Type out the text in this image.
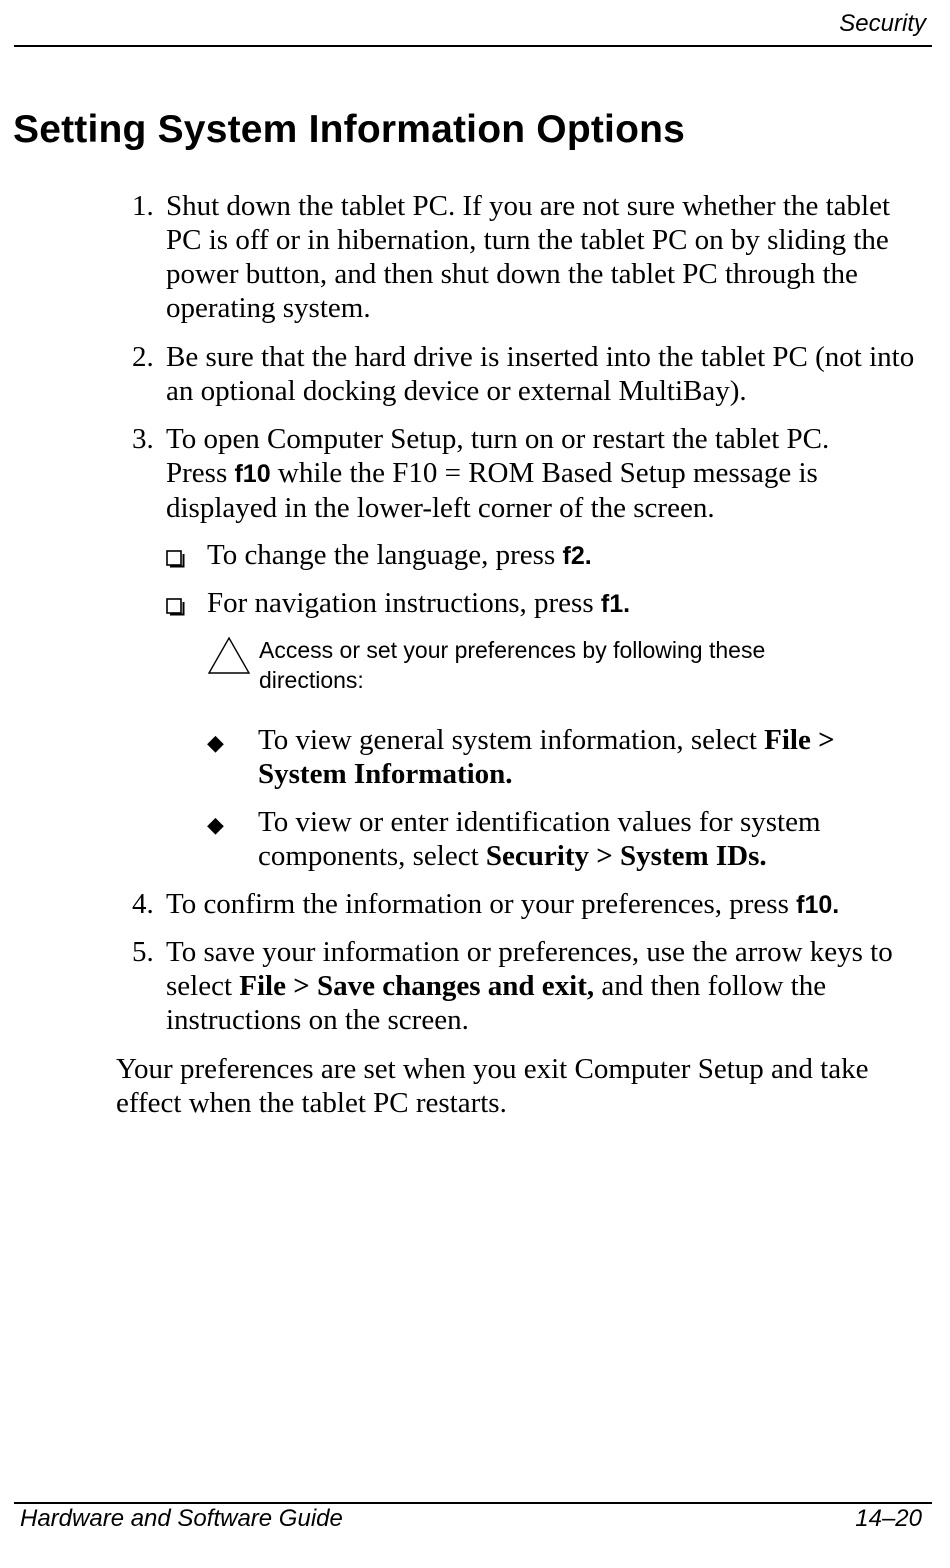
Security
Setting System Information Options
1. Shut down the tablet PC. If you are not sure whether the tablet PC is off or in hibernation, turn the tablet PC on by sliding the power button, and then shut down the tablet PC through the operating system.
2. Be sure that the hard drive is inserted into the tablet PC (not into an optional docking device or external MultiBay).
3. To open Computer Setup, turn on or restart the tablet PC.
Press f10 while the F10 = ROM Based Setup message is displayed in the lower-left corner of the screen.
To change the language, press f2.
For navigation instructions, press f1.
Access or set your preferences by following these directions:
◆	To view general system information, select File > System Information.
◆	To view or enter identification values for system components, select Security > System IDs.
4. To confirm the information or your preferences, press f10.
5. To save your information or preferences, use the arrow keys to select File > Save changes and exit, and then follow the instructions on the screen.
Your preferences are set when you exit Computer Setup and take effect when the tablet PC restarts.
Hardware and Software Guide	14–20
